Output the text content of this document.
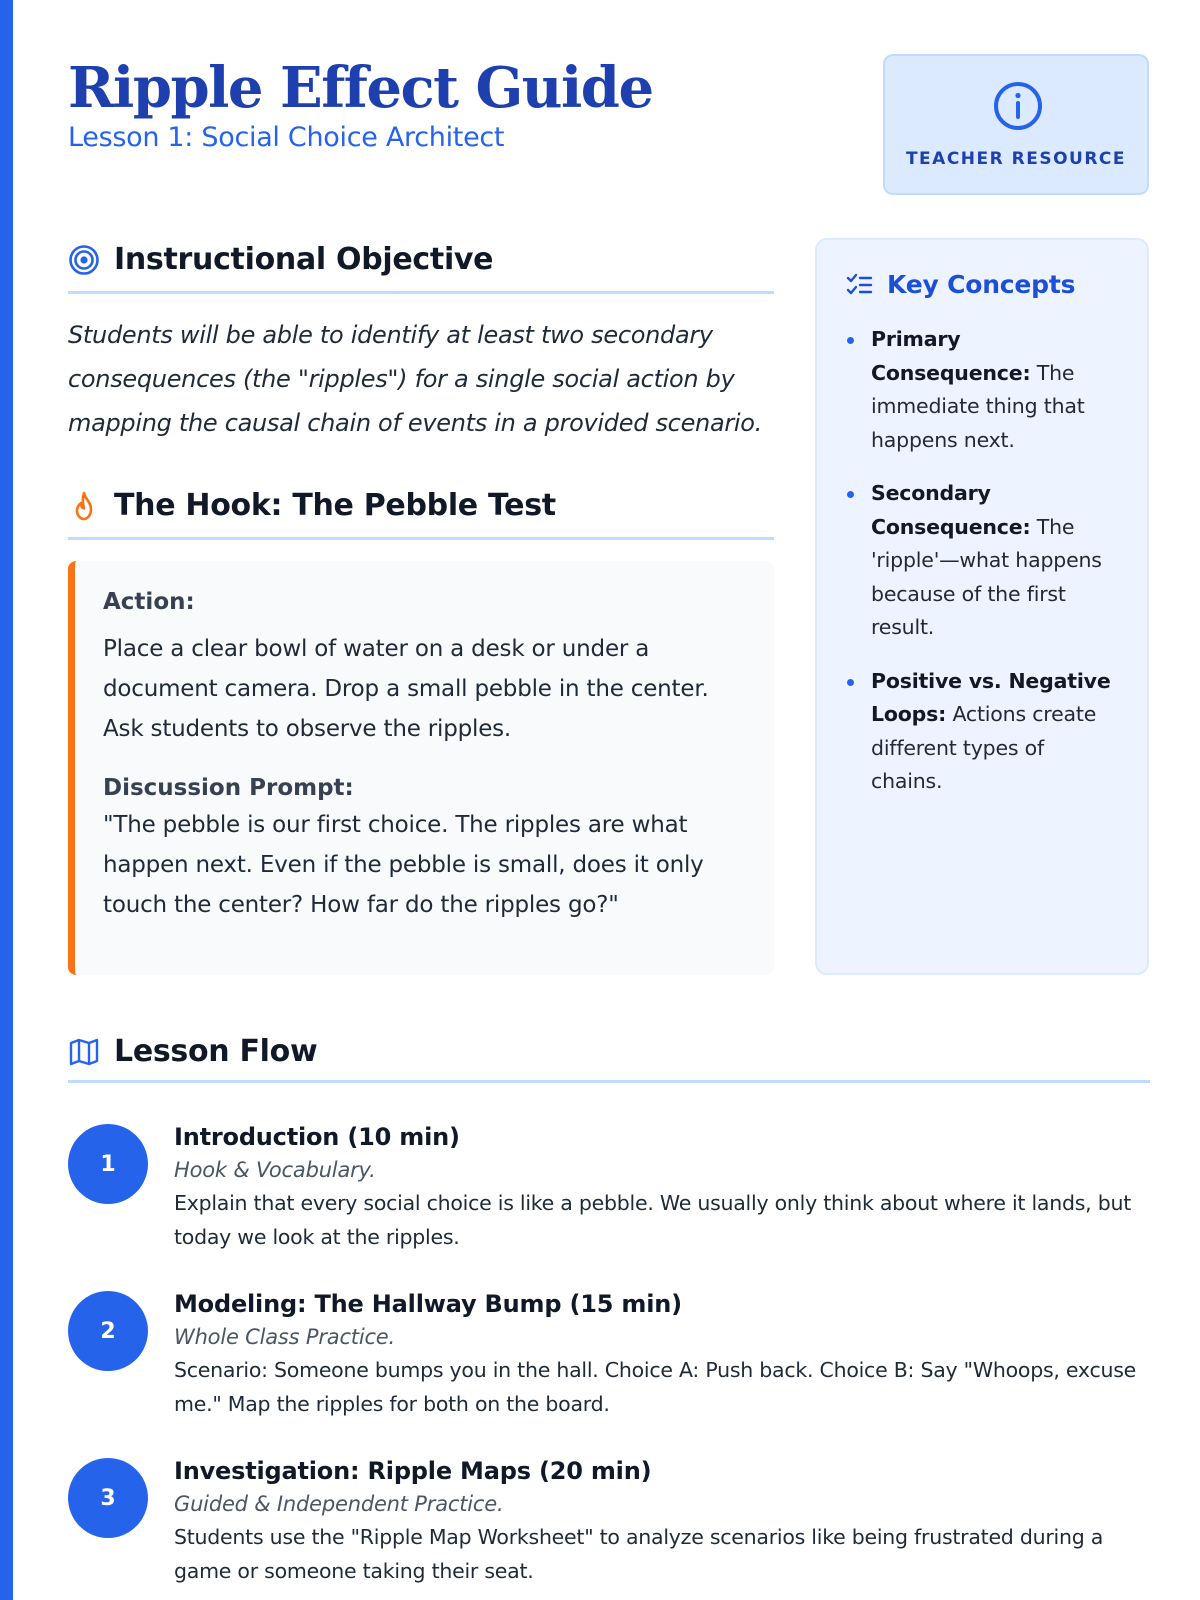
Ripple Effect Guide
Lesson 1: Social Choice Architect
TEACHER RESOURCE
Instructional Objective

Students will be able to identify at least two secondary consequences (the "ripples") for a single social action by mapping the causal chain of events in a provided scenario.

The Hook: The Pebble Test
Action:

Place a clear bowl of water on a desk or under a document camera. Drop a small pebble in the center. Ask students to observe the ripples.

Discussion Prompt:

"The pebble is our first choice. The ripples are what happen next. Even if the pebble is small, does it only touch the center? How far do the ripples go?"

Key Concepts
Primary Consequence: The immediate thing that happens next.
Secondary Consequence: The 'ripple'—what happens because of the first result.
Positive vs. Negative Loops: Actions create different types of chains.
Lesson Flow
1
Introduction (10 min)
Hook & Vocabulary.

Explain that every social choice is like a pebble. We usually only think about where it lands, but today we look at the ripples.

2
Modeling: The Hallway Bump (15 min)
Whole Class Practice.

Scenario: Someone bumps you in the hall. Choice A: Push back. Choice B: Say "Whoops, excuse me." Map the ripples for both on the board.

3
Investigation: Ripple Maps (20 min)
Guided & Independent Practice.

Students use the "Ripple Map Worksheet" to analyze scenarios like being frustrated during a game or someone taking their seat.
